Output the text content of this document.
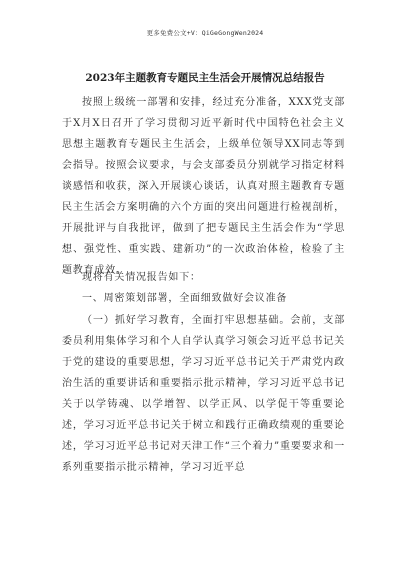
更多免费公文+V：QiGeGongWen2024
2023年主题教育专题民主生活会开展情况总结报告

按照上级统一部署和安排，经过充分准备，XXX党支部于X月X日召开了学习贯彻习近平新时代中国特色社会主义思想主题教育专题民主生活会，上级单位领导XX同志等到会指导。按照会议要求，与会支部委员分别就学习指定材料谈感悟和收获，深入开展谈心谈话，认真对照主题教育专题民主生活会方案明确的六个方面的突出问题进行检视剖析，开展批评与自我批评，做到了把专题民主生活会作为“学思想、强党性、重实践、建新功”的一次政治体检，检验了主题教育成效。

现将有关情况报告如下：

一、周密策划部署，全面细致做好会议准备

（一）抓好学习教育，全面打牢思想基础。会前，支部委员利用集体学习和个人自学认真学习领会习近平总书记关于党的建设的重要思想，学习习近平总书记关于严肃党内政治生活的重要讲话和重要指示批示精神，学习习近平总书记关于以学铸魂、以学增智、以学正风、以学促干等重要论述，学习习近平总书记关于树立和践行正确政绩观的重要论述，学习习近平总书记对天津工作“三个着力”重要要求和一系列重要指示批示精神，学习习近平总
